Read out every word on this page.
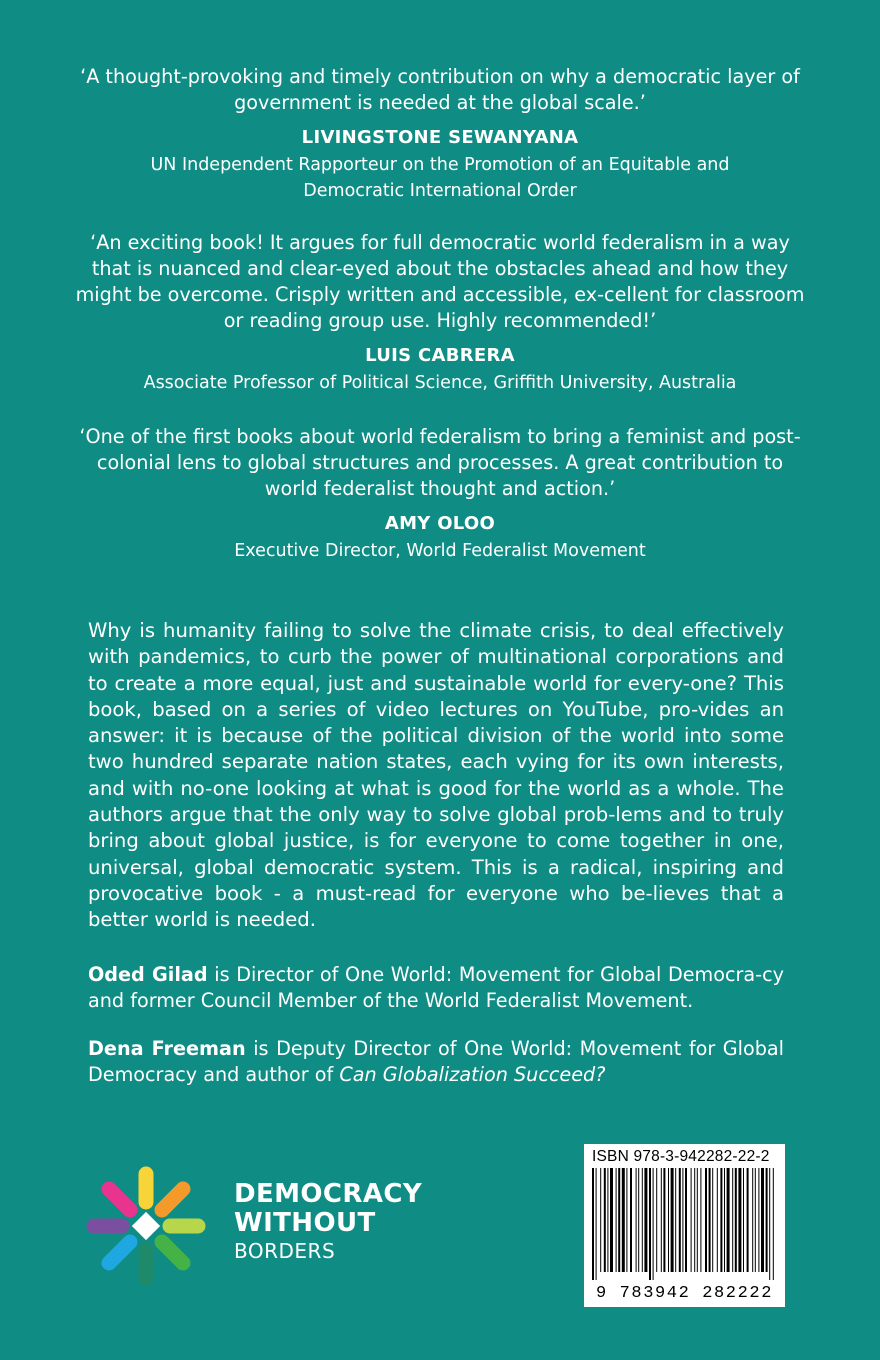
‘A thought-provoking and timely contribution on why a democratic layer of government is needed at the global scale.’

LIVINGSTONE SEWANYANA
UN Independent Rapporteur on the Promotion of an Equitable and Democratic International Order

‘An exciting book! It argues for full democratic world federalism in a way that is nuanced and clear-eyed about the obstacles ahead and how they might be overcome. Crisply written and accessible, ex-cellent for classroom or reading group use. Highly recommended!’

LUIS CABRERA
Associate Professor of Political Science, Griffith University, Australia

‘One of the first books about world federalism to bring a feminist and post-colonial lens to global structures and processes. A great contribution to world federalist thought and action.’

AMY OLOO
Executive Director, World Federalist Movement

Why is humanity failing to solve the climate crisis, to deal effectively with pandemics, to curb the power of multinational corporations and to create a more equal, just and sustainable world for every-one? This book, based on a series of video lectures on YouTube, pro-vides an answer: it is because of the political division of the world into some two hundred separate nation states, each vying for its own interests, and with no-one looking at what is good for the world as a whole. The authors argue that the only way to solve global prob-lems and to truly bring about global justice, is for everyone to come together in one, universal, global democratic system. This is a radical, inspiring and provocative book - a must-read for everyone who be-lieves that a better world is needed.

Oded Gilad is Director of One World: Movement for Global Democra-cy and former Council Member of the World Federalist Movement.

Dena Freeman is Deputy Director of One World: Movement for Global Democracy and author of Can Globalization Succeed?

DEMOCRACY
WITHOUT
BORDERS
ISBN 978-3-942282-22-2
9 783942 282222
